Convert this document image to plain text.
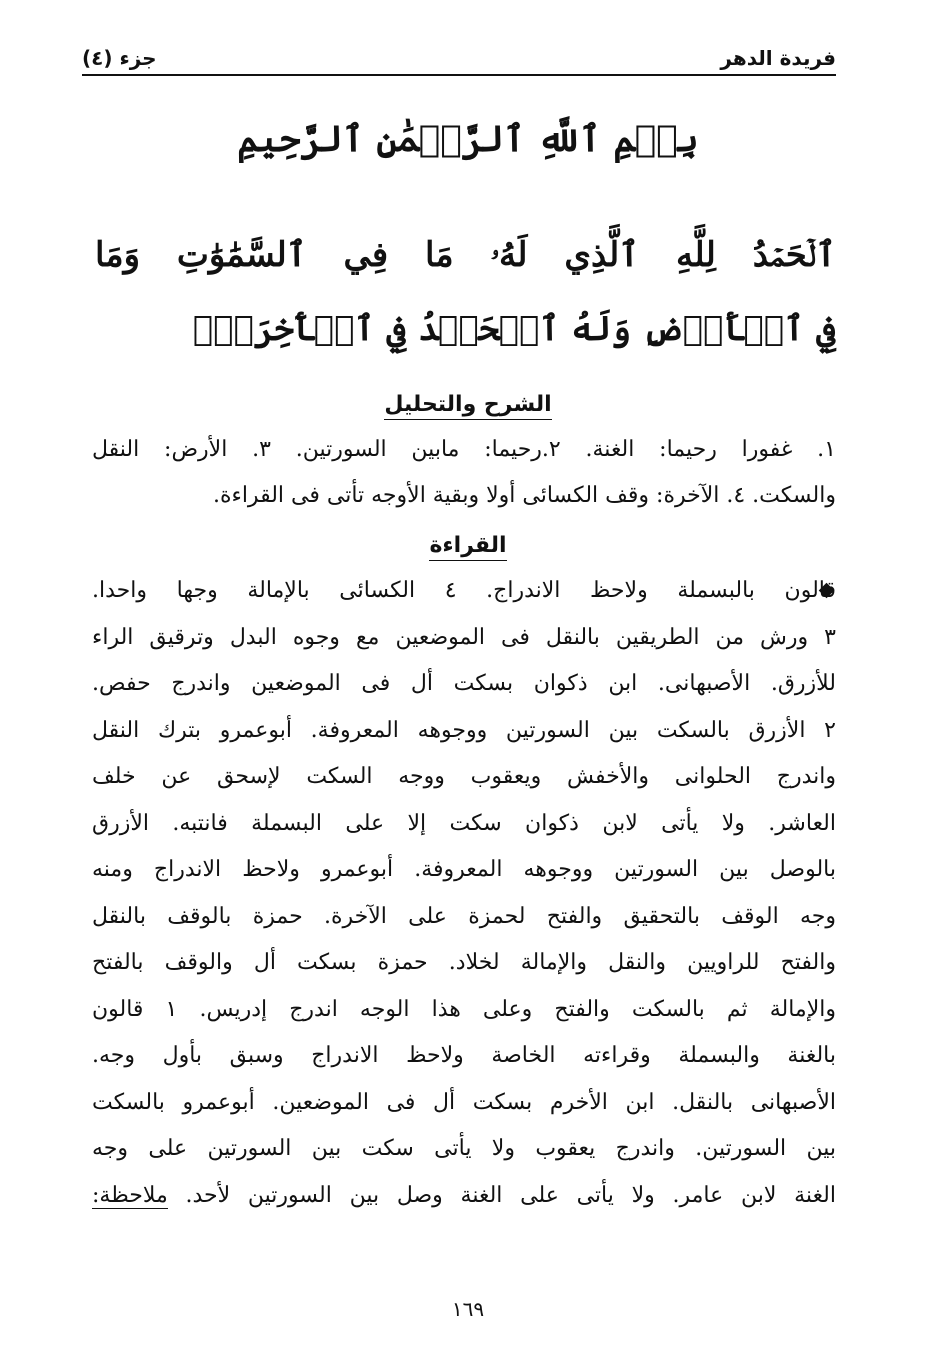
فريدة الدهر
جزء (٤)
بِسۡمِ ٱللَّهِ ٱلرَّحۡمَٰنِ ٱلرَّحِيمِ

ٱلۡحَمۡدُ لِلَّهِ ٱلَّذِي لَهُۥ مَا فِي ٱلسَّمَٰوَٰتِ وَمَا

فِي ٱلۡأَرۡضِ وَلَهُ ٱلۡحَمۡدُ فِي ٱلۡأٓخِرَةِۚ

الشرح والتحليل

١. غفورا رحيما: الغنة. ٢.رحيما: مابين السورتين. ٣. الأرض: النقل

والسكت. ٤. الآخرة: وقف الكسائى أولا وبقية الأوجه تأتى فى القراءة.

القراءة

قالون بالبسملة ولاحظ الاندراج. ٤ الكسائى بالإمالة وجها واحدا.

٣ ورش من الطريقين بالنقل فى الموضعين مع وجوه البدل وترقيق الراء

للأزرق. الأصبهانى. ابن ذكوان بسكت أل فى الموضعين واندرج حفص.

٢ الأزرق بالسكت بين السورتين ووجوهه المعروفة. أبوعمرو بترك النقل

واندرج الحلوانى والأخفش ويعقوب ووجه السكت لإسحق عن خلف

العاشر. ولا يأتى لابن ذكوان سكت إلا على البسملة فانتبه. الأزرق

بالوصل بين السورتين ووجوهه المعروفة. أبوعمرو ولاحظ الاندراج ومنه

وجه الوقف بالتحقيق والفتح لحمزة على الآخرة. حمزة بالوقف بالنقل

والفتح للراويين والنقل والإمالة لخلاد. حمزة بسكت أل والوقف بالفتح

والإمالة ثم بالسكت والفتح وعلى هذا الوجه اندرج إدريس. ١ قالون

بالغنة والبسملة وقراءته الخاصة ولاحظ الاندراج وسبق بأول وجه.

الأصبهانى بالنقل. ابن الأخرم بسكت أل فى الموضعين. أبوعمرو بالسكت

بين السورتين. واندرج يعقوب ولا يأتى سكت بين السورتين على وجه

الغنة لابن عامر. ولا يأتى على الغنة وصل بين السورتين لأحد. ملاحظة:

١٦٩
